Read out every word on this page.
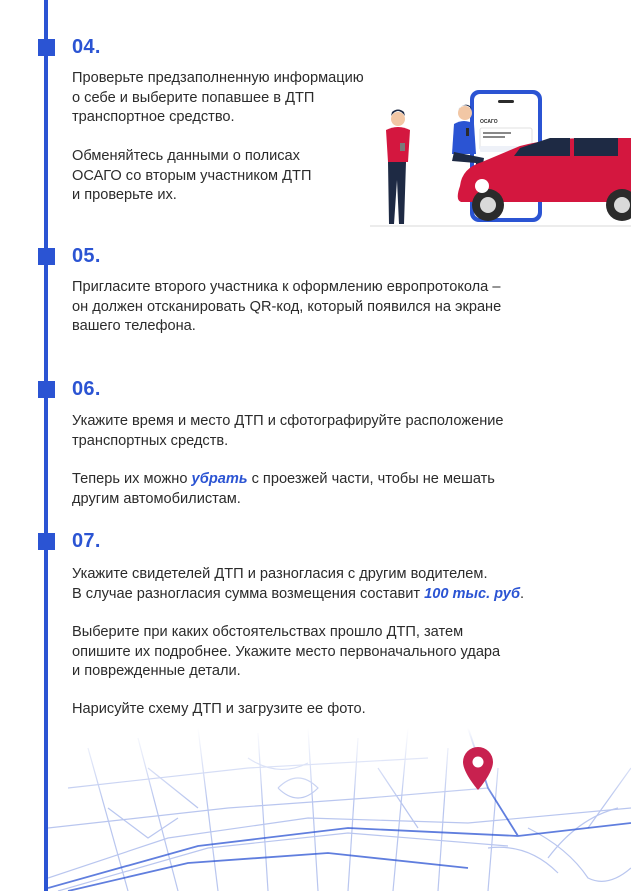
04.

Проверьте предзаполненную информацию
о себе и выберите попавшее в ДТП
транспортное средство.

Обменяйтесь данными о полисах
ОСАГО со вторым участником ДТП
и проверьте их.

ОСАГО
05.

Пригласите второго участника к оформлению европротокола –
он должен отсканировать QR-код, который появился на экране
вашего телефона.

06.

Укажите время и место ДТП и сфотографируйте расположение
транспортных средств.

Теперь их можно убрать с проезжей части, чтобы не мешать
другим автомобилистам.

07.

Укажите свидетелей ДТП и разногласия с другим водителем.
В случае разногласия сумма возмещения составит 100 тыс. руб.

Выберите при каких обстоятельствах прошло ДТП, затем
опишите их подробнее. Укажите место первоначального удара
и поврежденные детали.

Нарисуйте схему ДТП и загрузите ее фото.
